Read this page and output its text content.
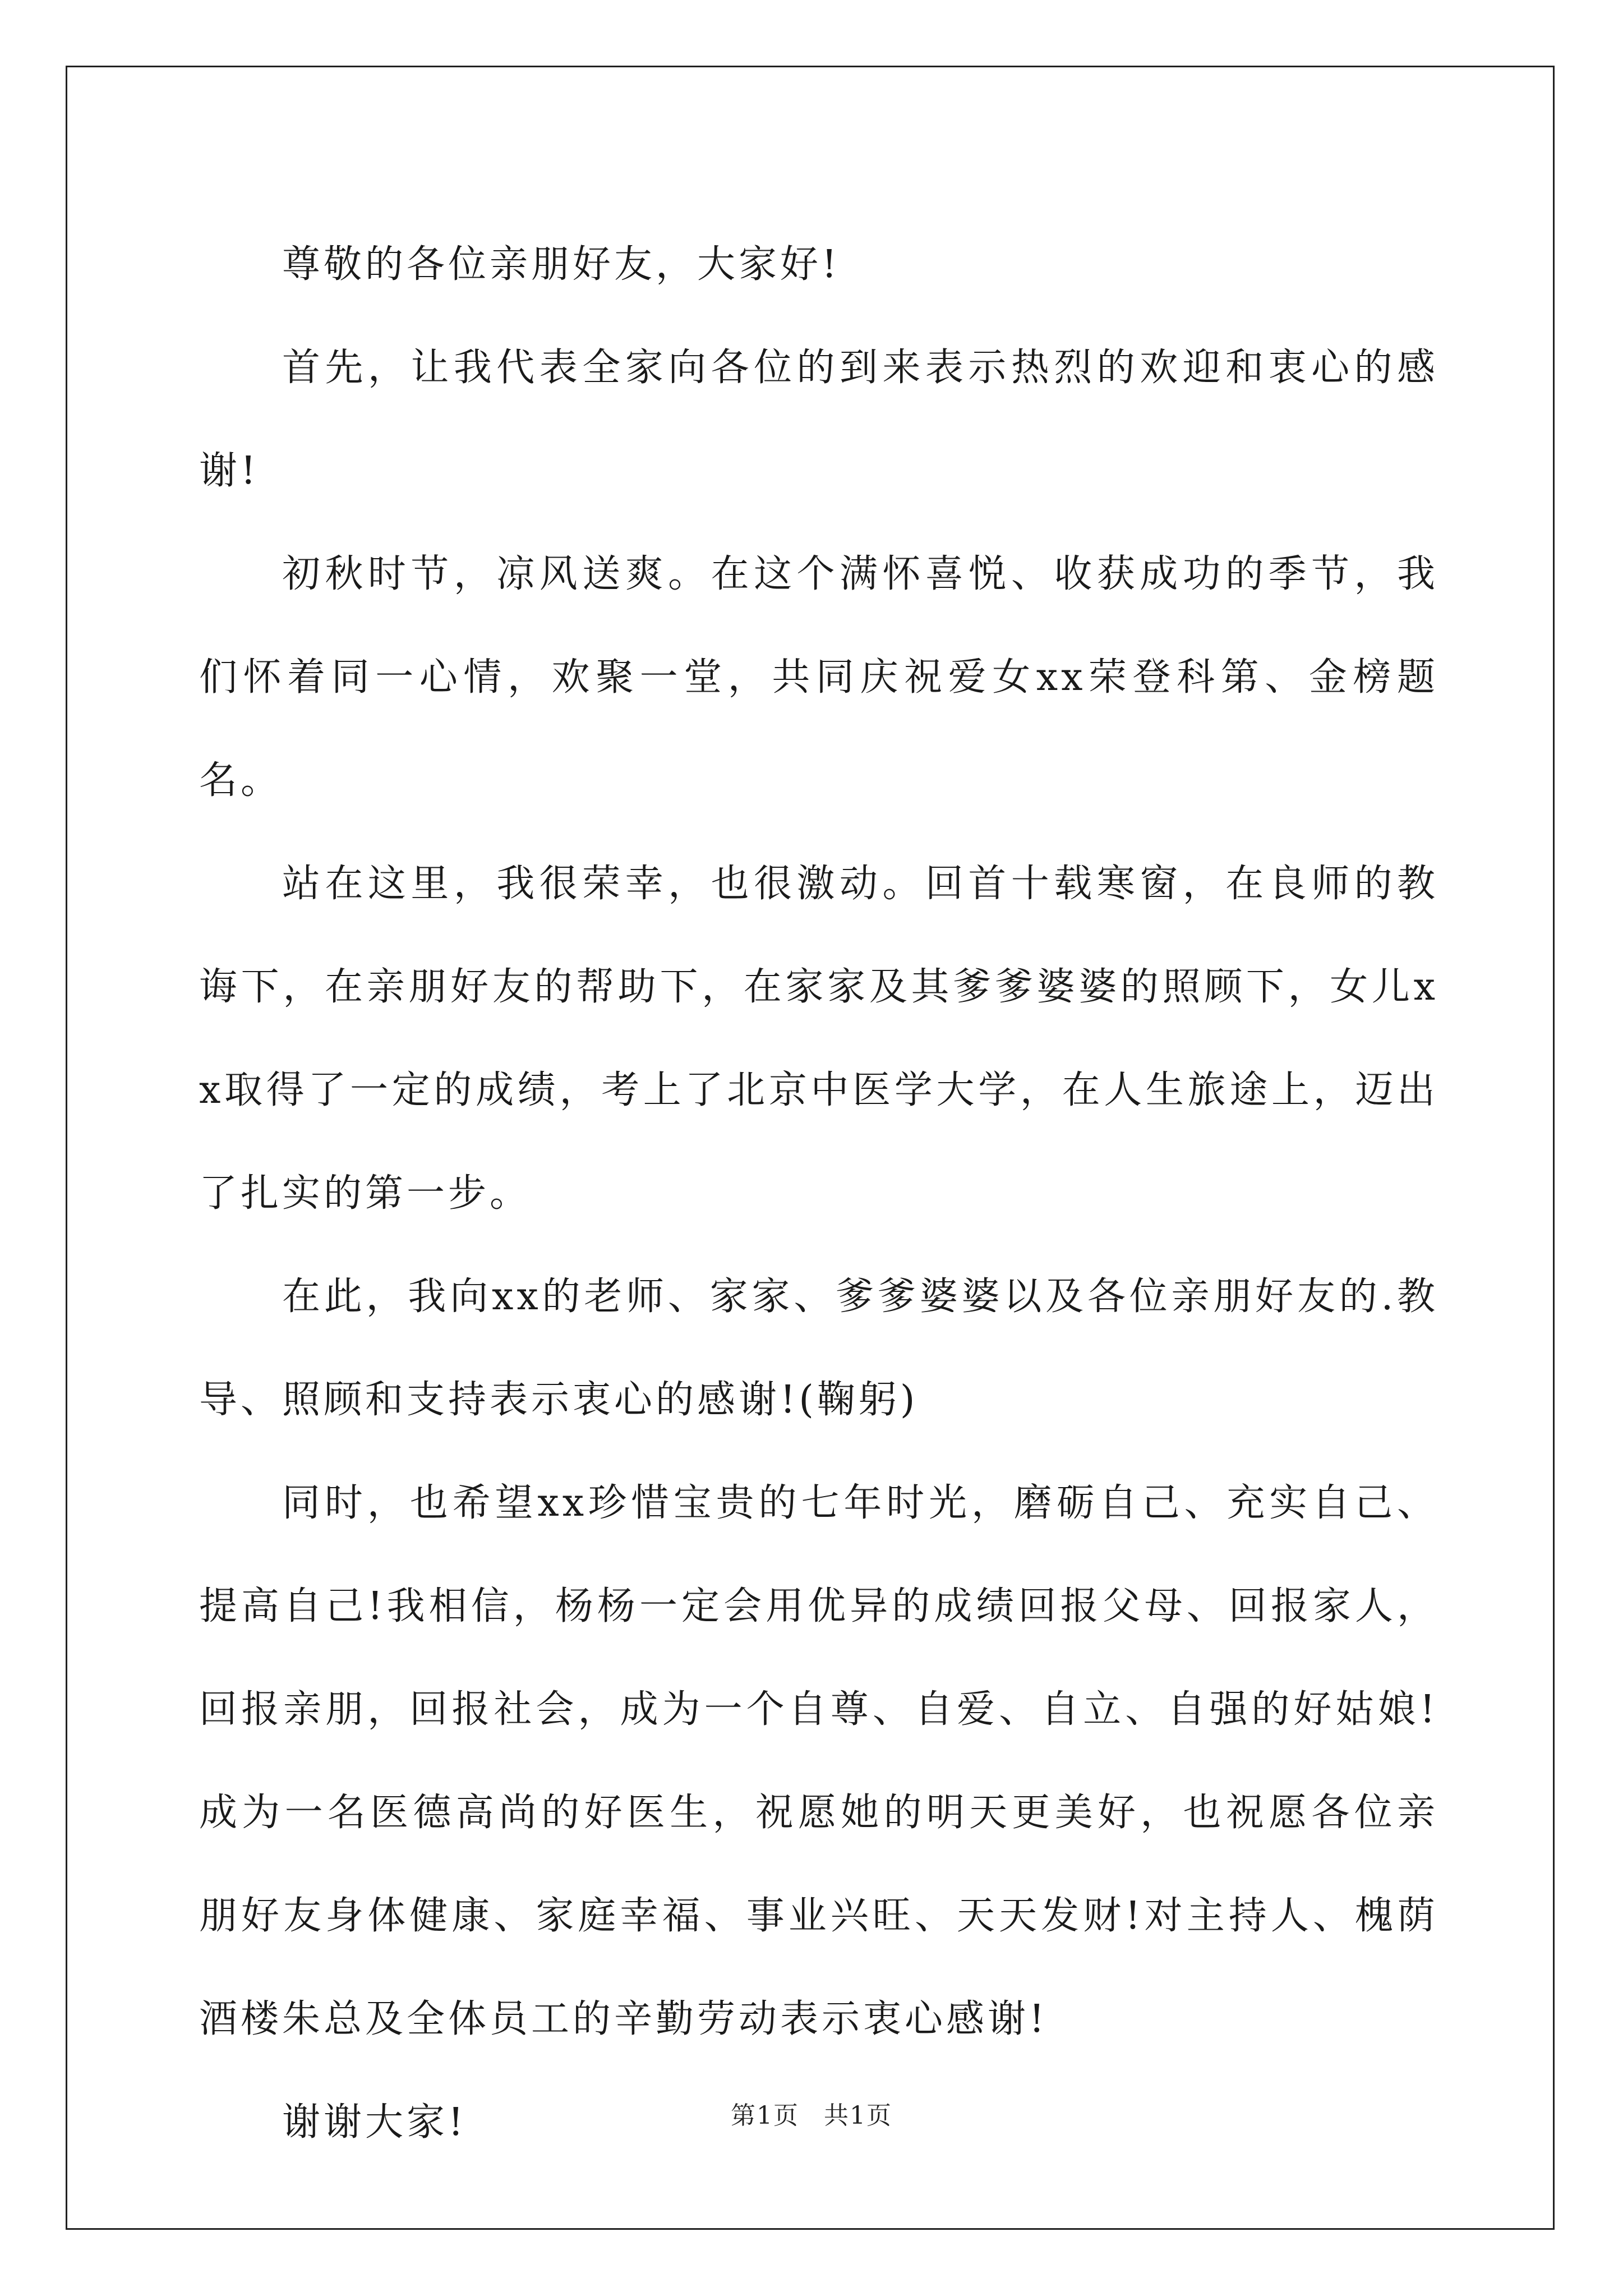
尊敬的各位亲朋好友，大家好!

首先，让我代表全家向各位的到来表示热烈的欢迎和衷心的感谢!

初秋时节，凉风送爽。在这个满怀喜悦、收获成功的季节，我们怀着同一心情，欢聚一堂，共同庆祝爱女xx荣登科第、金榜题名。

站在这里，我很荣幸，也很激动。回首十载寒窗，在良师的教诲下，在亲朋好友的帮助下，在家家及其爹爹婆婆的照顾下，女儿xx取得了一定的成绩，考上了北京中医学大学，在人生旅途上，迈出了扎实的第一步。

在此，我向xx的老师、家家、爹爹婆婆以及各位亲朋好友的.教导、照顾和支持表示衷心的感谢!(鞠躬)

同时，也希望xx珍惜宝贵的七年时光，磨砺自己、充实自己、提高自己!我相信，杨杨一定会用优异的成绩回报父母、回报家人，回报亲朋，回报社会，成为一个自尊、自爱、自立、自强的好姑娘!成为一名医德高尚的好医生，祝愿她的明天更美好，也祝愿各位亲朋好友身体健康、家庭幸福、事业兴旺、天天发财!对主持人、槐荫酒楼朱总及全体员工的辛勤劳动表示衷心感谢!

谢谢大家!	第1页 共1页
